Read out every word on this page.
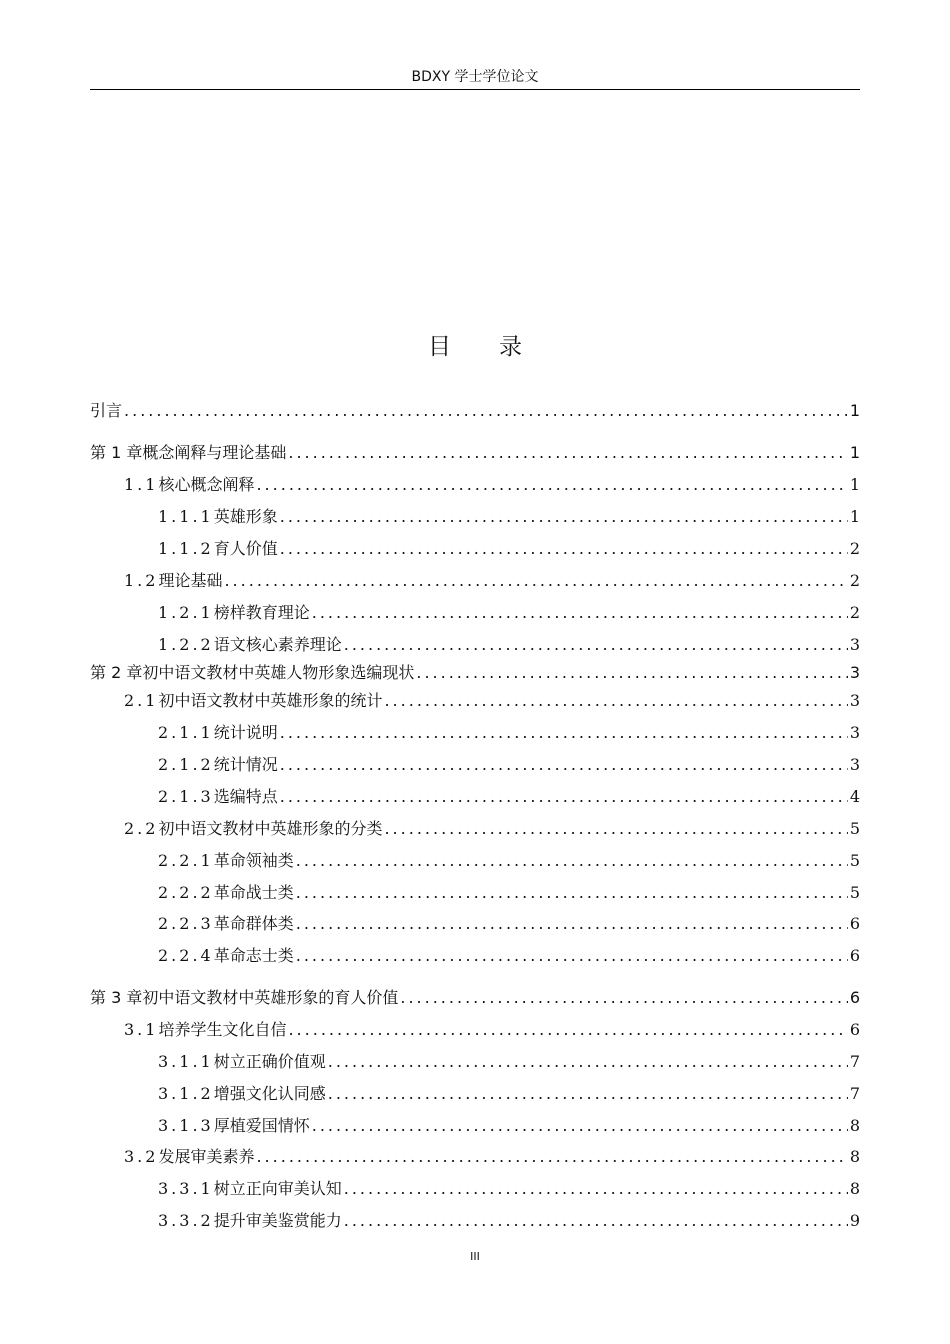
BDXY 学士学位论文
目录
引言 .....	1
第 1 章 概念阐释与理论基础 .....	1
1.1 核心概念阐释 .....	1
1.1.1 英雄形象 .....	1
1.1.2 育人价值 .....	2
1.2 理论基础 .....	2
1.2.1 榜样教育理论 .....	2
1.2.2 语文核心素养理论 .....	3
第 2 章 初中语文教材中英雄人物形象选编现状 .....	3
2.1 初中语文教材中英雄形象的统计 .....	3
2.1.1 统计说明 .....	3
2.1.2 统计情况 .....	3
2.1.3 选编特点 .....	4
2.2 初中语文教材中英雄形象的分类 .....	5
2.2.1 革命领袖类 .....	5
2.2.2 革命战士类 .....	5
2.2.3 革命群体类 .....	6
2.2.4 革命志士类 .....	6
第 3 章 初中语文教材中英雄形象的育人价值 .....	6
3.1 培养学生文化自信 .....	6
3.1.1 树立正确价值观 .....	7
3.1.2 增强文化认同感 .....	7
3.1.3 厚植爱国情怀 .....	8
3.2 发展审美素养 .....	8
3.3.1 树立正向审美认知 .....	8
3.3.2 提升审美鉴赏能力 .....	9
III
